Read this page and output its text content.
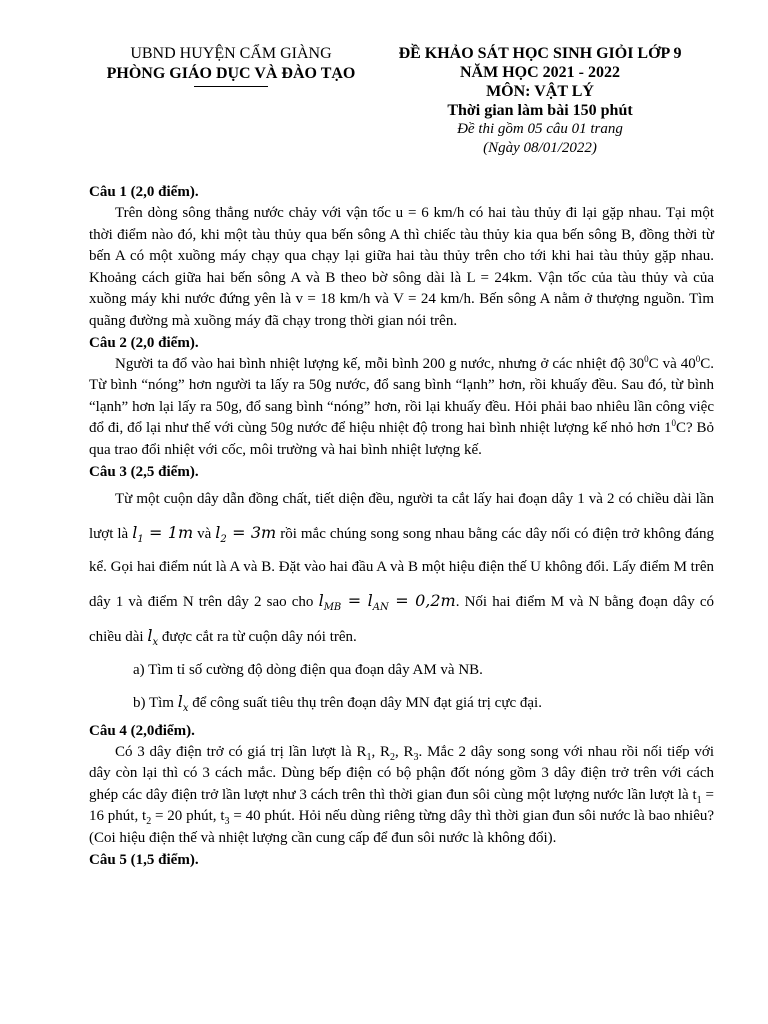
UBND HUYỆN CẨM GIÀNG
PHÒNG GIÁO DỤC VÀ ĐÀO TẠO
ĐỀ KHẢO SÁT HỌC SINH GIỎI LỚP 9
NĂM HỌC 2021 - 2022
MÔN: VẬT LÝ
Thời gian làm bài 150 phút
Đề thi gồm 05 câu 01 trang
(Ngày 08/01/2022)

Câu 1 (2,0 điểm).

Trên dòng sông thẳng nước chảy với vận tốc u = 6 km/h có hai tàu thủy đi lại gặp nhau. Tại một thời điểm nào đó, khi một tàu thủy qua bến sông A thì chiếc tàu thủy kia qua bến sông B, đồng thời từ bến A có một xuồng máy chạy qua chạy lại giữa hai tàu thủy trên cho tới khi hai tàu thủy gặp nhau. Khoảng cách giữa hai bến sông A và B theo bờ sông dài là L = 24km. Vận tốc của tàu thủy và của xuồng máy khi nước đứng yên là v = 18 km/h và V = 24 km/h. Bến sông A nằm ở thượng nguồn. Tìm quãng đường mà xuồng máy đã chạy trong thời gian nói trên.

Câu 2 (2,0 điểm).

Người ta đổ vào hai bình nhiệt lượng kế, mỗi bình 200 g nước, nhưng ở các nhiệt độ $30^0C$ và $40^0C$. Từ bình “nóng” hơn người ta lấy ra 50g nước, đổ sang bình “lạnh” hơn, rồi khuấy đều. Sau đó, từ bình “lạnh” hơn lại lấy ra 50g, đổ sang bình “nóng” hơn, rồi lại khuấy đều. Hỏi phải bao nhiêu lần công việc đổ đi, đổ lại như thế với cùng 50g nước để hiệu nhiệt độ trong hai bình nhiệt lượng kế nhỏ hơn $1^0C$? Bỏ qua trao đổi nhiệt với cốc, môi trường và hai bình nhiệt lượng kế.

Câu 3 (2,5 điểm).

Từ một cuộn dây dẫn đồng chất, tiết diện đều, người ta cắt lấy hai đoạn dây 1 và 2 có chiều dài lần lượt là $l_1 = 1m$ và $l_2 = 3m$ rồi mắc chúng song song nhau bằng các dây nối có điện trở không đáng kể. Gọi hai điểm nút là A và B. Đặt vào hai đầu A và B một hiệu điện thế U không đổi. Lấy điểm M trên dây 1 và điểm N trên dây 2 sao cho $l_{MB} = l_{AN} = 0,2m$. Nối hai điểm M và N bằng đoạn dây có chiều dài $l_x$ được cắt ra từ cuộn dây nói trên.

a) Tìm tỉ số cường độ dòng điện qua đoạn dây AM và NB.

b) Tìm $l_x$ để công suất tiêu thụ trên đoạn dây MN đạt giá trị cực đại.

Câu 4 (2,0điểm).

Có 3 dây điện trở có giá trị lần lượt là $R_1$, $R_2$, $R_3$. Mắc 2 dây song song với nhau rồi nối tiếp với dây còn lại thì có 3 cách mắc. Dùng bếp điện có bộ phận đốt nóng gồm 3 dây điện trở trên với cách ghép các dây điện trở lần lượt như 3 cách trên thì thời gian đun sôi cùng một lượng nước lần lượt là $t_1 = 16$ phút, $t_2 = 20$ phút, $t_3 = 40$ phút. Hỏi nếu dùng riêng từng dây thì thời gian đun sôi nước là bao nhiêu? (Coi hiệu điện thế và nhiệt lượng cần cung cấp để đun sôi nước là không đổi).

Câu 5 (1,5 điểm).
